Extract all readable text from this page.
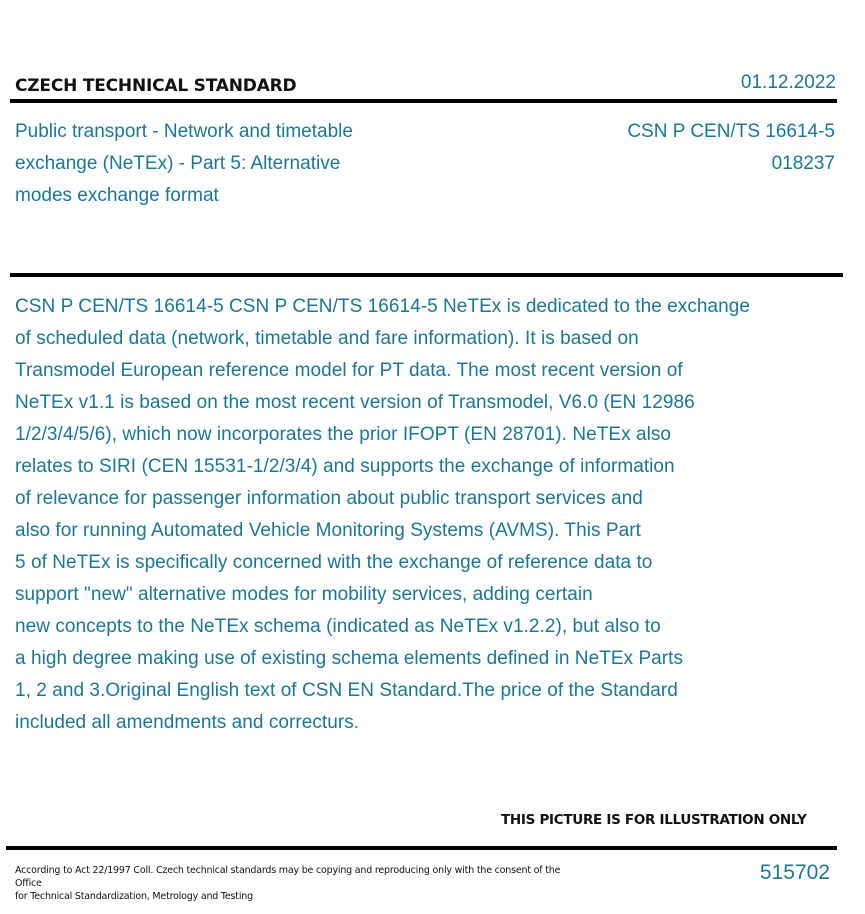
CZECH TECHNICAL STANDARD	01.12.2022
Public transport - Network and timetable
exchange (NeTEx) - Part 5: Alternative
modes exchange format
CSN P CEN/TS 16614-5
018237
CSN P CEN/TS 16614-5 CSN P CEN/TS 16614-5 NeTEx is dedicated to the exchange
of scheduled data (network, timetable and fare information). It is based on
Transmodel European reference model for PT data. The most recent version of
NeTEx v1.1 is based on the most recent version of Transmodel, V6.0 (EN 12986
1/2/3/4/5/6), which now incorporates the prior IFOPT (EN 28701). NeTEx also
relates to SIRI (CEN 15531-1/2/3/4) and supports the exchange of information
of relevance for passenger information about public transport services and
also for running Automated Vehicle Monitoring Systems (AVMS). This Part
5 of NeTEx is specifically concerned with the exchange of reference data to
support "new" alternative modes for mobility services, adding certain
new concepts to the NeTEx schema (indicated as NeTEx v1.2.2), but also to
a high degree making use of existing schema elements defined in NeTEx Parts
1, 2 and 3.Original English text of CSN EN Standard.The price of the Standard
included all amendments and correcturs.
THIS PICTURE IS FOR ILLUSTRATION ONLY
According to Act 22/1997 Coll. Czech technical standards may be copying and reproducing only with the consent of the Office
for Technical Standardization, Metrology and Testing
515702
